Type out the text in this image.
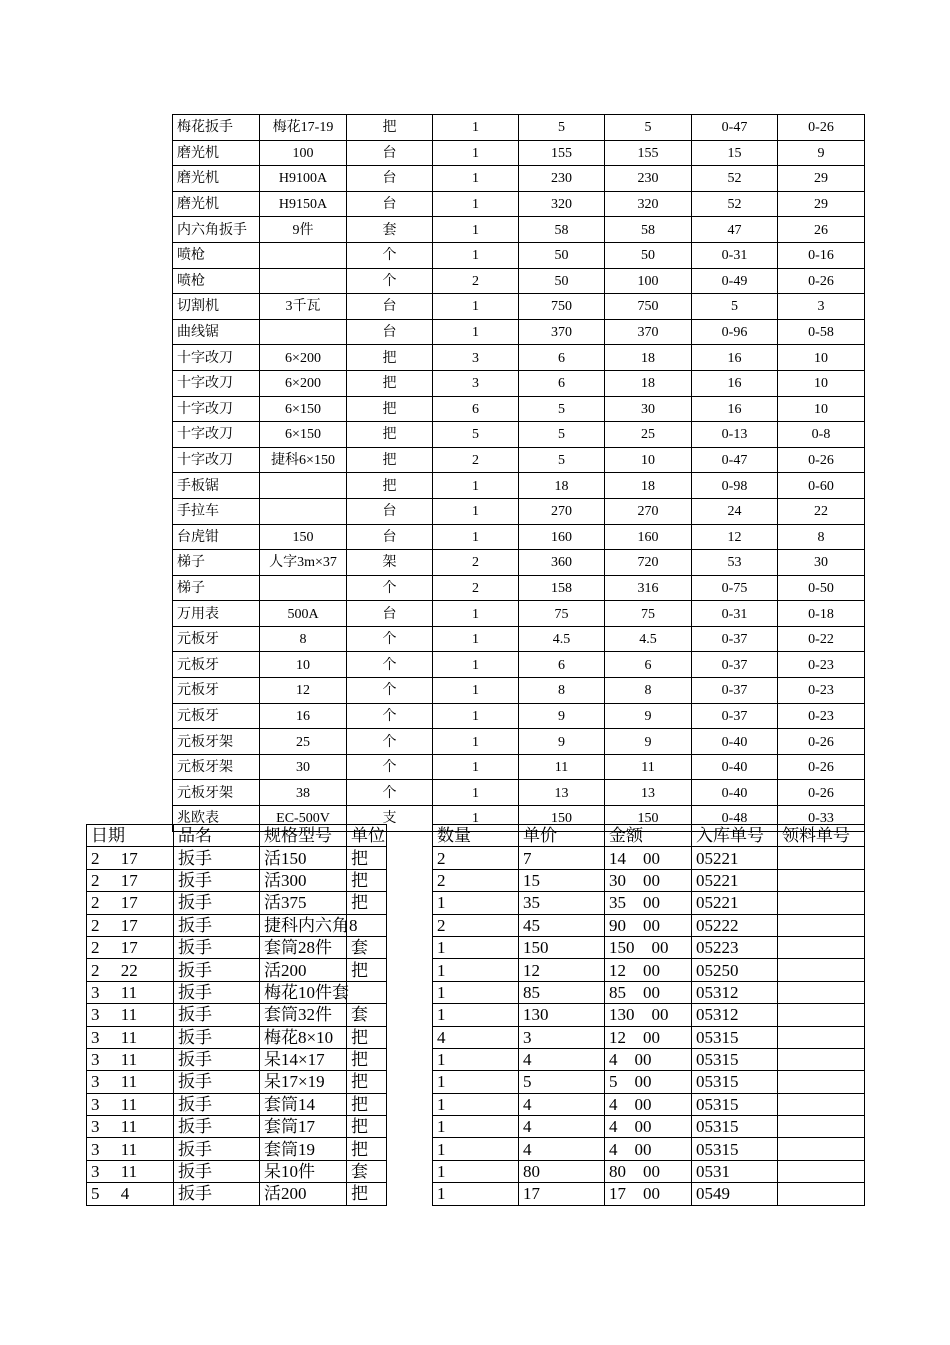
梅花扳手	梅花17-19	把	1	5	5	0-47	0-26
磨光机	100	台	1	155	155	15	9
磨光机	H9100A	台	1	230	230	52	29
磨光机	H9150A	台	1	320	320	52	29
内六角扳手	9件	套	1	58	58	47	26
喷枪		个	1	50	50	0-31	0-16
喷枪		个	2	50	100	0-49	0-26
切割机	3千瓦	台	1	750	750	5	3
曲线锯		台	1	370	370	0-96	0-58
十字改刀	6×200	把	3	6	18	16	10
十字改刀	6×200	把	3	6	18	16	10
十字改刀	6×150	把	6	5	30	16	10
十字改刀	6×150	把	5	5	25	0-13	0-8
十字改刀	捷科6×150	把	2	5	10	0-47	0-26
手板锯		把	1	18	18	0-98	0-60
手拉车		台	1	270	270	24	22
台虎钳	150	台	1	160	160	12	8
梯子	人字3m×37	架	2	360	720	53	30
梯子		个	2	158	316	0-75	0-50
万用表	500A	台	1	75	75	0-31	0-18
元板牙	8	个	1	4.5	4.5	0-37	0-22
元板牙	10	个	1	6	6	0-37	0-23
元板牙	12	个	1	8	8	0-37	0-23
元板牙	16	个	1	9	9	0-37	0-23
元板牙架	25	个	1	9	9	0-40	0-26
元板牙架	30	个	1	11	11	0-40	0-26
元板牙架	38	个	1	13	13	0-40	0-26
兆欧表	EC-500V	支	1	150	150	0-48	0-33
日期	品名	规格型号	单位		数量	单价	金额	入库单号	领料单号
2　 17	扳手	活150	把		2	7	14　00	05221	
2　 17	扳手	活300	把		2	15	30　00	05221	
2　 17	扳手	活375	把		1	35	35　00	05221	
2　 17	扳手	捷科内六角8			2	45	90　00	05222	
2　 17	扳手	套筒28件	套		1	150	150　00	05223	
2　 22	扳手	活200	把		1	12	12　00	05250	
3　 11	扳手	梅花10件套			1	85	85　00	05312	
3　 11	扳手	套筒32件	套		1	130	130　00	05312	
3　 11	扳手	梅花8×10	把		4	3	12　00	05315	
3　 11	扳手	呆14×17	把		1	4	4　00	05315	
3　 11	扳手	呆17×19	把		1	5	5　00	05315	
3　 11	扳手	套筒14	把		1	4	4　00	05315	
3　 11	扳手	套筒17	把		1	4	4　00	05315	
3　 11	扳手	套筒19	把		1	4	4　00	05315	
3　 11	扳手	呆10件	套		1	80	80　00	0531	
5　 4	扳手	活200	把		1	17	17　00	0549	
